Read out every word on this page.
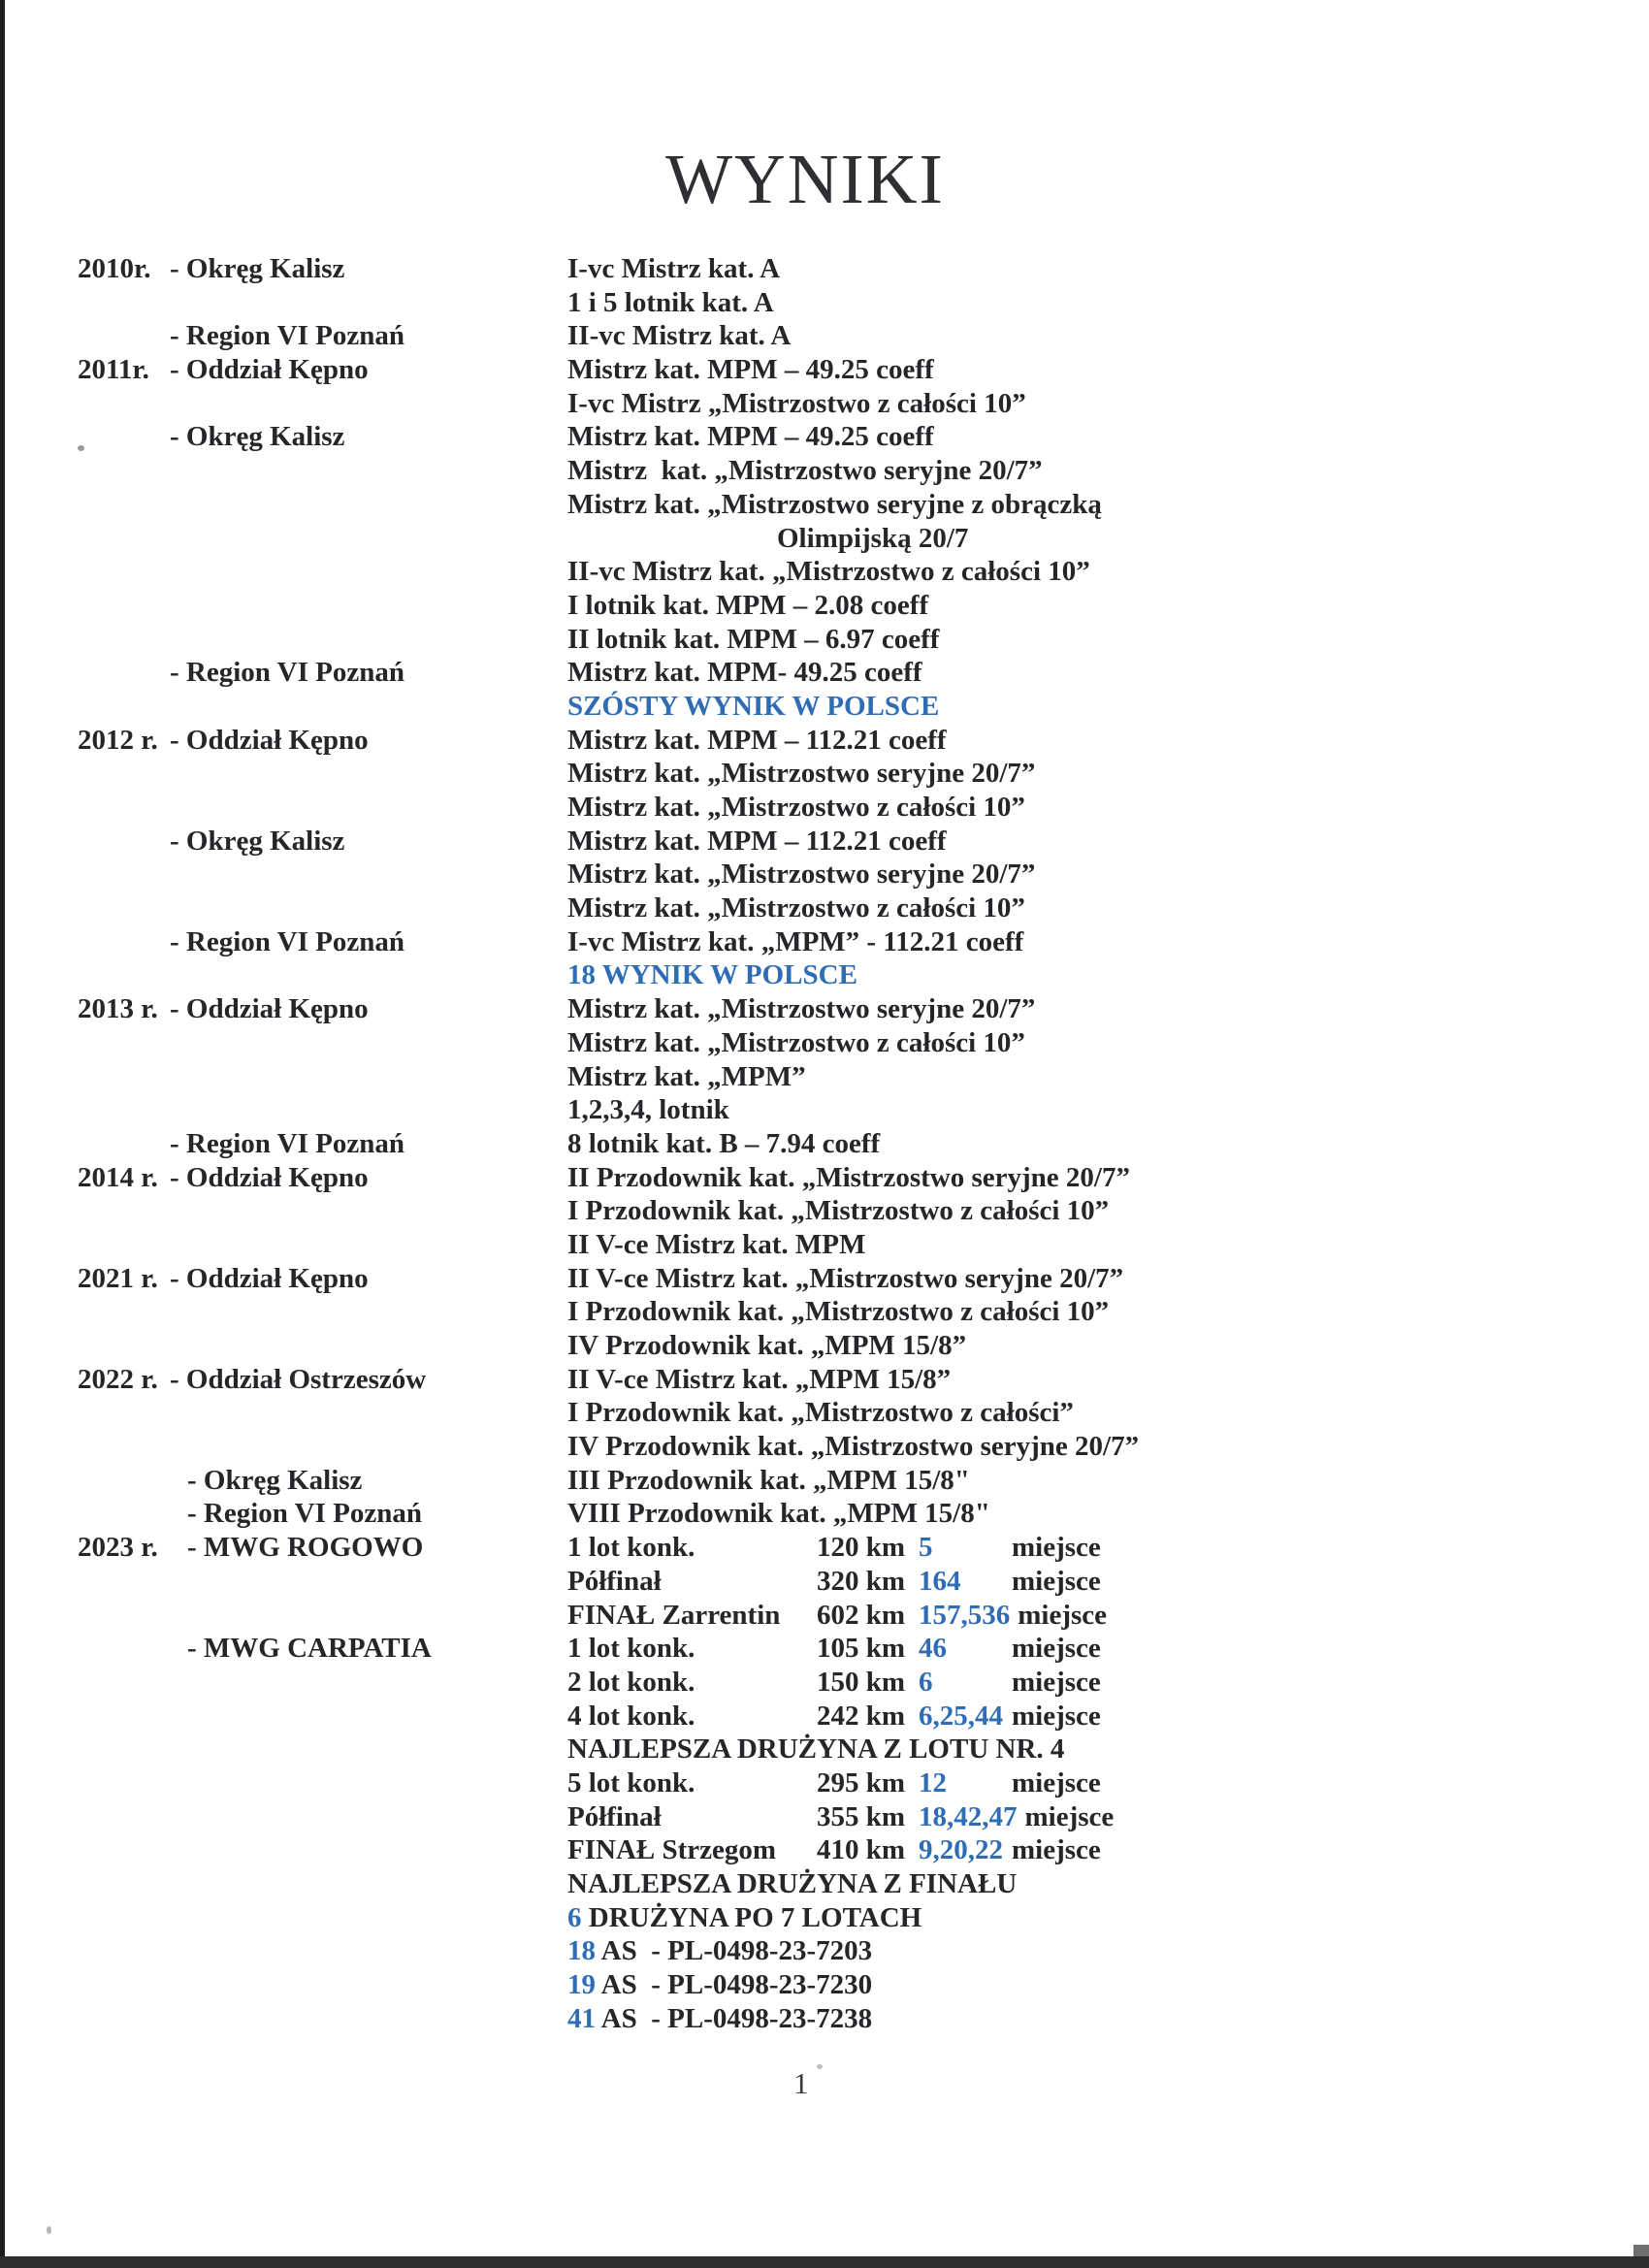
WYNIKI
2010r. - Okręg Kalisz	I-vc Mistrz kat. A
1 i 5 lotnik kat. A
- Region VI Poznań	II-vc Mistrz kat. A
2011r. - Oddział Kępno	Mistrz kat. MPM – 49.25 coeff
I-vc Mistrz „Mistrzostwo z całości 10”
- Okręg Kalisz	Mistrz kat. MPM – 49.25 coeff
Mistrz  kat. „Mistrzostwo seryjne 20/7”
Mistrz kat. „Mistrzostwo seryjne z obrączką
Olimpijską 20/7
II-vc Mistrz kat. „Mistrzostwo z całości 10”
I lotnik kat. MPM – 2.08 coeff
II lotnik kat. MPM – 6.97 coeff
- Region VI Poznań	Mistrz kat. MPM- 49.25 coeff
SZÓSTY WYNIK W POLSCE
2012 r. - Oddział Kępno	Mistrz kat. MPM – 112.21 coeff
Mistrz kat. „Mistrzostwo seryjne 20/7”
Mistrz kat. „Mistrzostwo z całości 10”
- Okręg Kalisz	Mistrz kat. MPM – 112.21 coeff
Mistrz kat. „Mistrzostwo seryjne 20/7”
Mistrz kat. „Mistrzostwo z całości 10”
- Region VI Poznań	I-vc Mistrz kat. „MPM” - 112.21 coeff
18 WYNIK W POLSCE
2013 r. - Oddział Kępno	Mistrz kat. „Mistrzostwo seryjne 20/7”
Mistrz kat. „Mistrzostwo z całości 10”
Mistrz kat. „MPM”
1,2,3,4, lotnik
- Region VI Poznań	8 lotnik kat. B – 7.94 coeff
2014 r. - Oddział Kępno	II Przodownik kat. „Mistrzostwo seryjne 20/7”
I Przodownik kat. „Mistrzostwo z całości 10”
II V-ce Mistrz kat. MPM
2021 r. - Oddział Kępno	II V-ce Mistrz kat. „Mistrzostwo seryjne 20/7”
I Przodownik kat. „Mistrzostwo z całości 10”
IV Przodownik kat. „MPM 15/8”
2022 r. - Oddział Ostrzeszów	II V-ce Mistrz kat. „MPM 15/8”
I Przodownik kat. „Mistrzostwo z całości”
IV Przodownik kat. „Mistrzostwo seryjne 20/7”
- Okręg Kalisz	III Przodownik kat. „MPM 15/8"
- Region VI Poznań	VIII Przodownik kat. „MPM 15/8"
2023 r.	- MWG ROGOWO	1 lot konk.	120 km 5	miejsce
Półfinał	320 km 164 miejsce
FINAŁ Zarrentin 602 km 157,536 miejsce
- MWG CARPATIA	1 lot konk.	105 km 46 miejsce
2 lot konk.	150 km 6	miejsce
4 lot konk.	242 km 6,25,44 miejsce
NAJLEPSZA DRUŻYNA Z LOTU NR. 4
5 lot konk.	295 km 12 miejsce
Półfinał	355 km 18,42,47 miejsce
FINAŁ Strzegom 410 km 9,20,22 miejsce
NAJLEPSZA DRUŻYNA Z FINAŁU
6 DRUŻYNA PO 7 LOTACH
18 AS  - PL-0498-23-7203
19 AS  - PL-0498-23-7230
41 AS  - PL-0498-23-7238
1
